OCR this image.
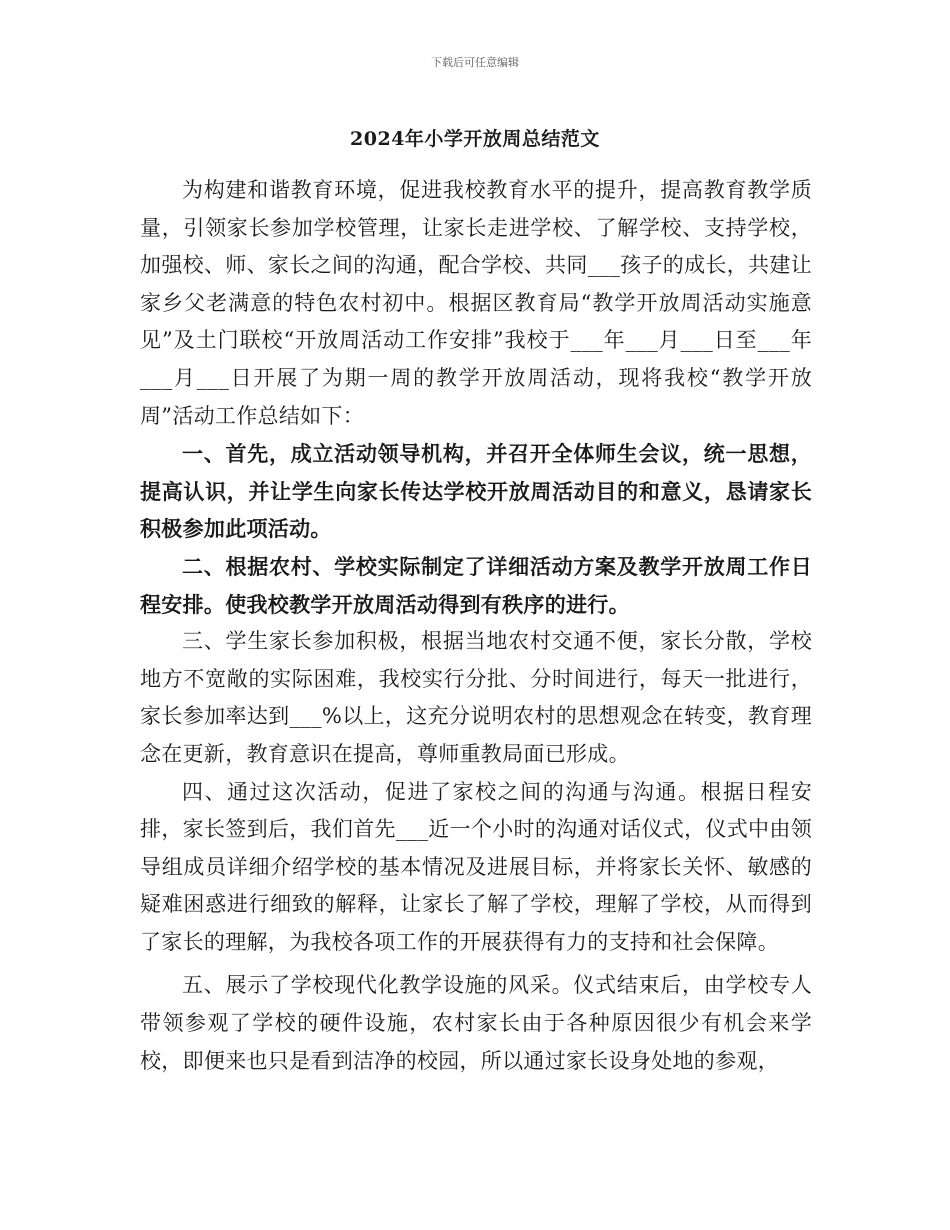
下载后可任意编辑
2024年小学开放周总结范文

为构建和谐教育环境，促进我校教育水平的提升，提高教育教学质量，引领家长参加学校管理，让家长走进学校、了解学校、支持学校，加强校、师、家长之间的沟通，配合学校、共同___孩子的成长，共建让家乡父老满意的特色农村初中。根据区教育局“教学开放周活动实施意见”及土门联校“开放周活动工作安排”我校于___年___月___日至___年___月___日开展了为期一周的教学开放周活动，现将我校“教学开放周”活动工作总结如下：

一、首先，成立活动领导机构，并召开全体师生会议，统一思想，提高认识，并让学生向家长传达学校开放周活动目的和意义，恳请家长积极参加此项活动。

二、根据农村、学校实际制定了详细活动方案及教学开放周工作日程安排。使我校教学开放周活动得到有秩序的进行。

三、学生家长参加积极，根据当地农村交通不便，家长分散，学校地方不宽敞的实际困难，我校实行分批、分时间进行，每天一批进行，家长参加率达到___%以上，这充分说明农村的思想观念在转变，教育理念在更新，教育意识在提高，尊师重教局面已形成。

四、通过这次活动，促进了家校之间的沟通与沟通。根据日程安排，家长签到后，我们首先___近一个小时的沟通对话仪式，仪式中由领导组成员详细介绍学校的基本情况及进展目标，并将家长关怀、敏感的疑难困惑进行细致的解释，让家长了解了学校，理解了学校，从而得到了家长的理解，为我校各项工作的开展获得有力的支持和社会保障。

五、展示了学校现代化教学设施的风采。仪式结束后，由学校专人带领参观了学校的硬件设施，农村家长由于各种原因很少有机会来学校，即便来也只是看到洁净的校园，所以通过家长设身处地的参观，
